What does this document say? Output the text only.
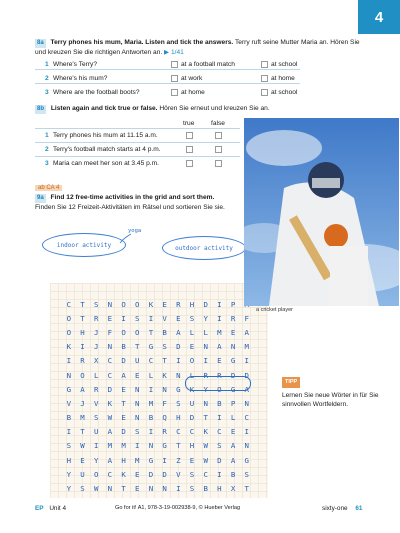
4
8a Terry phones his mum, Maria. Listen and tick the answers. Terry ruft seine Mutter Maria an. Hören Sie und kreuzen Sie die richtigen Antworten an. ▶ 1/41
1 Where's Terry?	at a football match	at school
2 Where's his mum?	at work	at home
3 Where are the football boots?	at home	at school
8b Listen again and tick true or false. Hören Sie erneut und kreuzen Sie an.
true	false
1 Terry phones his mum at 11.15 a.m.
2 Terry's football match starts at 4 p.m.
3 Maria can meet her son at 3.45 p.m.
ab CA 4
9a Find 12 free-time activities in the grid and sort them.
Finden Sie 12 Freizeit-Aktivitäten im Rätsel und sortieren Sie sie.
indoor activity	outdoor activity
yoga
C	T	S	N	O	O	K	E	R	H	D	I	P
O	T	R	E	I	S	I	V	E	S	Y	I	R	F
O	H	J	F	O	O	T	B	A	L	L	M	E	A
K	I	J	N	B	T	G	S	D	E	N	A	N	M
I	R	X	C	D	U	C	T	I	O	I	E	G	I
N	O	L	C	A	E	L	K	N	L	R	R	D	D
G	A	R	D	E	N	I	N	G	K	Y	O	G	A
V	J	V	K	T	N	M	F	S	U	N	B	P	N
B	M	S	W	E	N	B	Q	H	D	T	I	L	C
I	T	U	A	D	S	I	R	C	C	K	C	E	I
S	W	I	M	M	I	N	G	T	H	W	S	A	N
H	E	Y	A	H	M	G	I	Z	E	W	D	A	G
Y	U	O	C	K	E	D	D	V	S	C	I	B	S
Y	S	W	N	T	E	N	N	I	S	B	H	X	T
a cricket player
TIPP

Lernen Sie neue Wörter in für Sie sinnvollen Wortfeldern.
EP Unit 4	Go for it! A1, 978-3-19-002938-9, © Hueber Verlag	sixty-one 61
